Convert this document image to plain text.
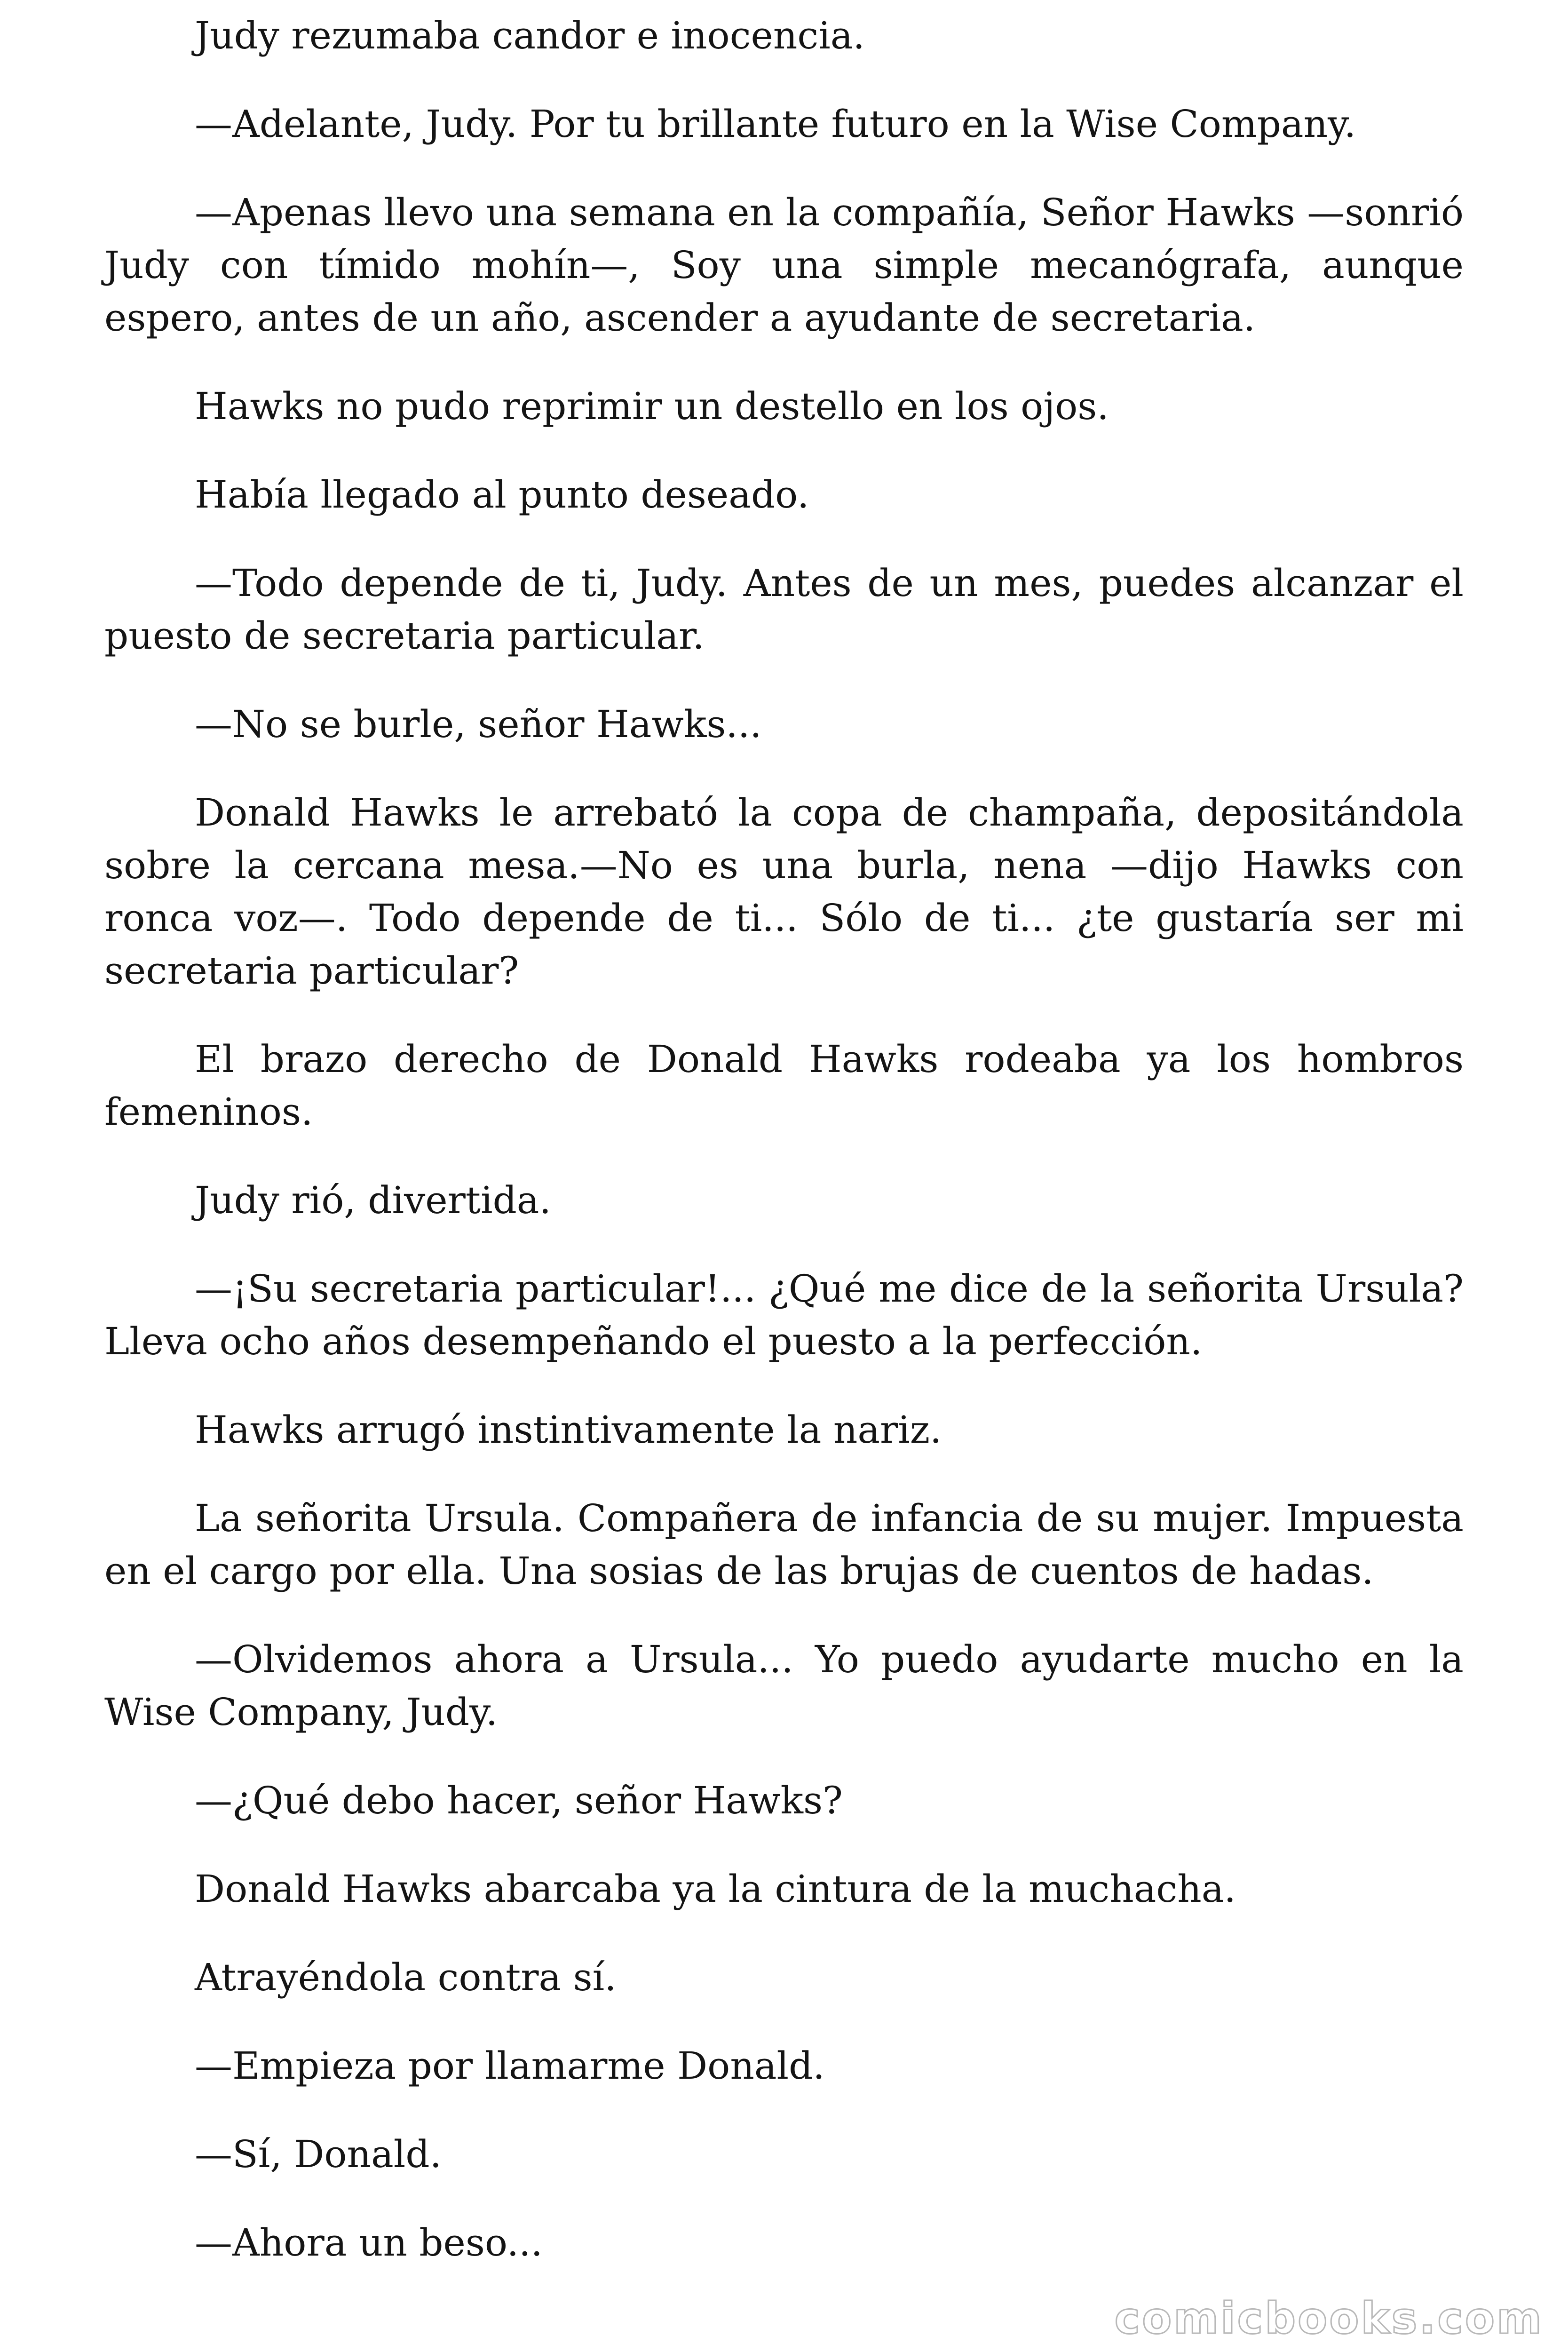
Judy rezumaba candor e inocencia.

—Adelante, Judy. Por tu brillante futuro en la Wise Company.

—Apenas llevo una semana en la compañía, Señor Hawks —sonrió Judy con tímido mohín—, Soy una simple mecanógrafa, aunque espero, antes de un año, ascender a ayudante de secretaria.

Hawks no pudo reprimir un destello en los ojos.

Había llegado al punto deseado.

—Todo depende de ti, Judy. Antes de un mes, puedes alcanzar el puesto de secretaria particular.

—No se burle, señor Hawks...

Donald Hawks le arrebató la copa de champaña, depositándola sobre la cercana mesa.—No es una burla, nena —dijo Hawks con ronca voz—. Todo depende de ti... Sólo de ti... ¿te gustaría ser mi secretaria particular?

El brazo derecho de Donald Hawks rodeaba ya los hombros femeninos.

Judy rió, divertida.

—¡Su secretaria particular!... ¿Qué me dice de la señorita Ursula? Lleva ocho años desempeñando el puesto a la perfección.

Hawks arrugó instintivamente la nariz.

La señorita Ursula. Compañera de infancia de su mujer. Impuesta en el cargo por ella. Una sosias de las brujas de cuentos de hadas.

—Olvidemos ahora a Ursula... Yo puedo ayudarte mucho en la Wise Company, Judy.

—¿Qué debo hacer, señor Hawks?

Donald Hawks abarcaba ya la cintura de la muchacha.

Atrayéndola contra sí.

—Empieza por llamarme Donald.

—Sí, Donald.

—Ahora un beso...

comicbooks.com
